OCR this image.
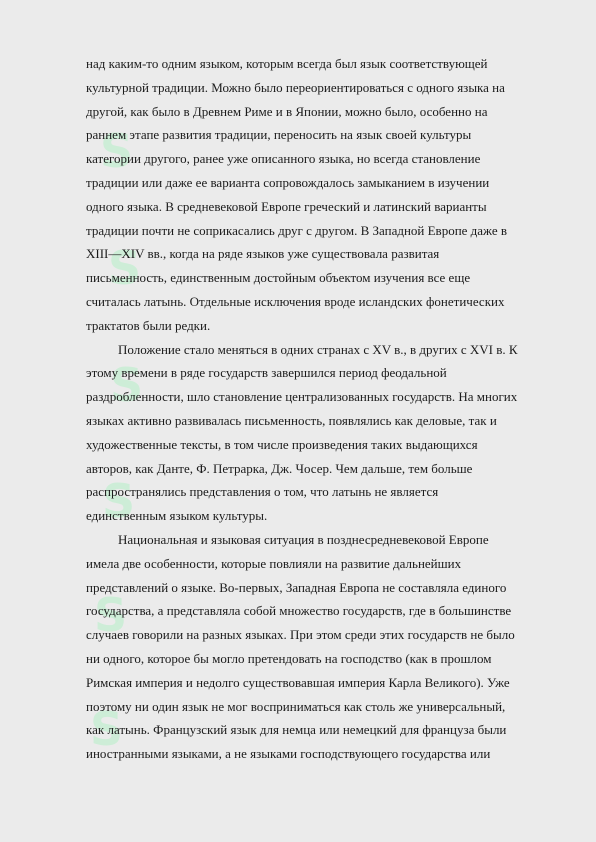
S
S
S
S
S
S
над каким-то одним языком, которым всегда был язык соответствующей
культурной традиции. Можно было переориентироваться с одного языка на
другой, как было в Древнем Риме и в Японии, можно было, особенно на
раннем этапе развития традиции, переносить на язык своей культуры
категории другого, ранее уже описанного языка, но всегда становление
традиции или даже ее варианта сопровождалось замыканием в изучении
одного языка. В средневековой Европе греческий и латинский варианты
традиции почти не соприкасались друг с другом. В Западной Европе даже в
XIII—XIV вв., когда на ряде языков уже существовала развитая
письменность, единственным достойным объектом изучения все еще
считалась латынь. Отдельные исключения вроде исландских фонетических
трактатов были редки.
Положение стало меняться в одних странах с XV в., в других с XVI в. К
этому времени в ряде государств завершился период феодальной
раздробленности, шло становление централизованных государств. На многих
языках активно развивалась письменность, появлялись как деловые, так и
художественные тексты, в том числе произведения таких выдающихся
авторов, как Данте, Ф. Петрарка, Дж. Чосер. Чем дальше, тем больше
распространялись представления о том, что латынь не является
единственным языком культуры.
Национальная и языковая ситуация в позднесредневековой Европе
имела две особенности, которые повлияли на развитие дальнейших
представлений о языке. Во-первых, Западная Европа не составляла единого
государства, а представляла собой множество государств, где в большинстве
случаев говорили на разных языках. При этом среди этих государств не было
ни одного, которое бы могло претендовать на господство (как в прошлом
Римская империя и недолго существовавшая империя Карла Великого). Уже
поэтому ни один язык не мог восприниматься как столь же универсальный,
как латынь. Французский язык для немца или немецкий для француза были
иностранными языками, а не языками господствующего государства или
